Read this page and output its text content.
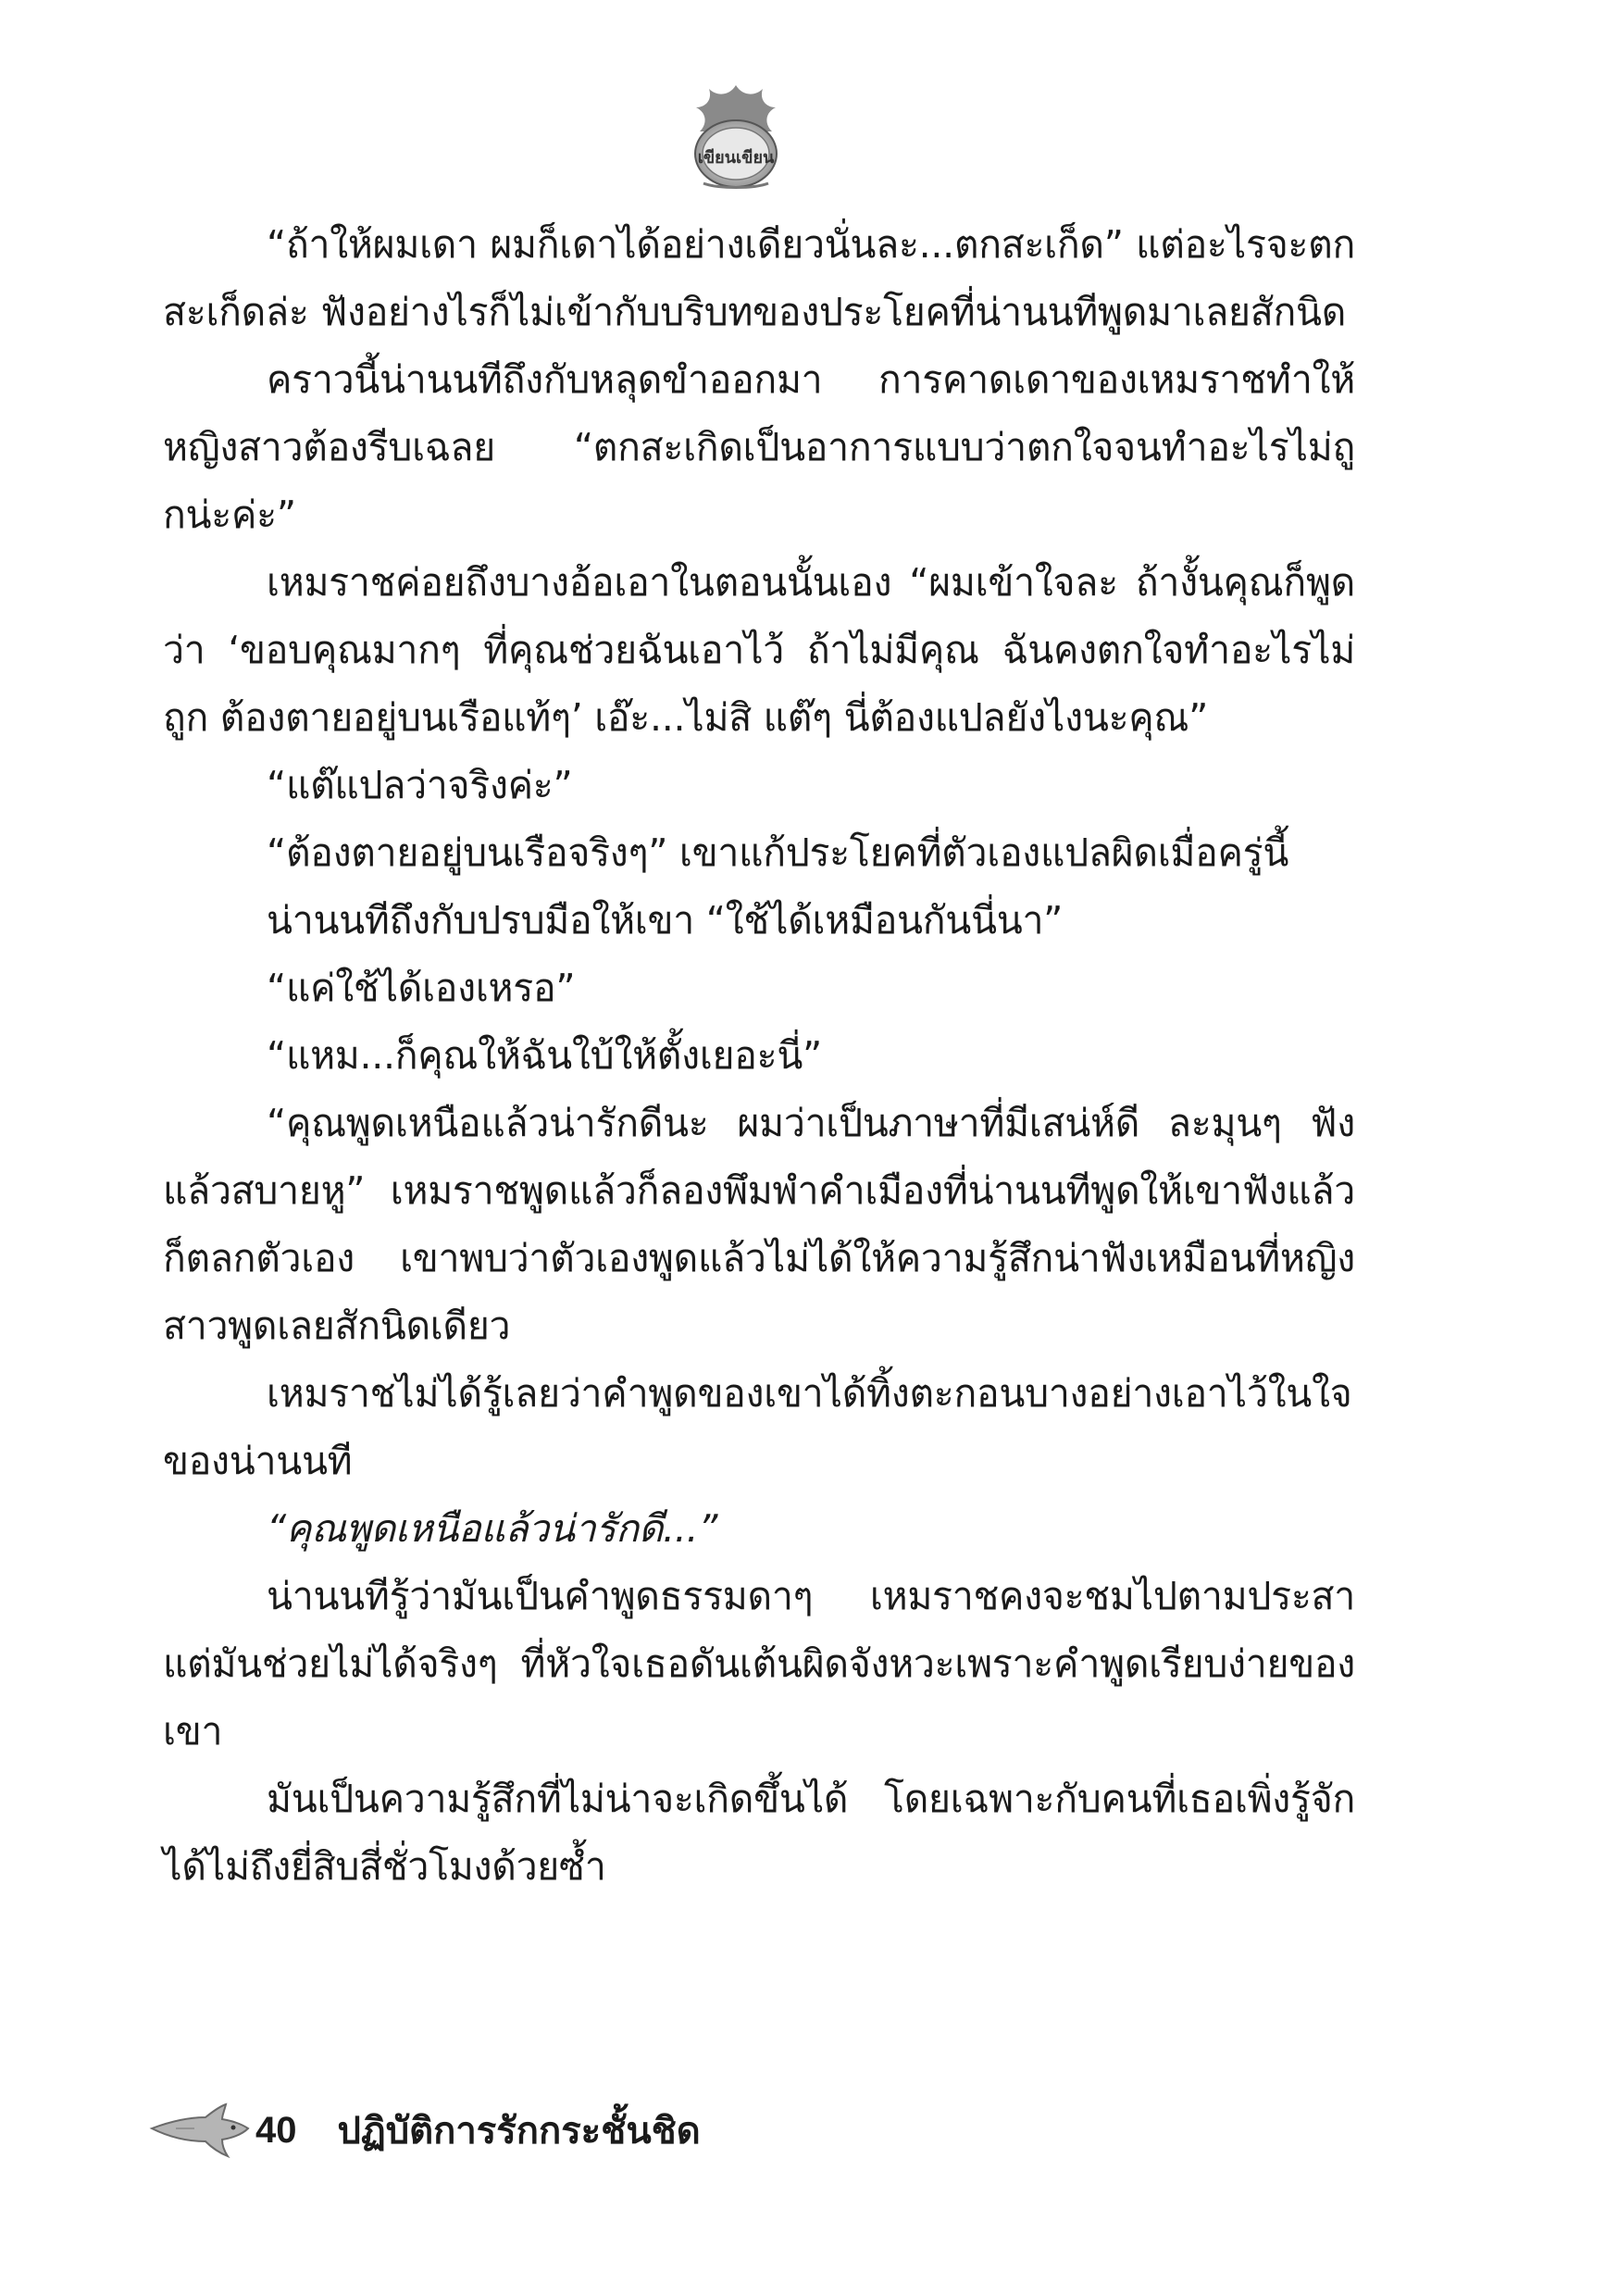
เขียนเขียน

“ถ้าให้ผมเดา ผมก็เดาได้อย่างเดียวนั่นละ...ตกสะเก็ด” แต่อะไรจะตกสะเก็ดล่ะ ฟังอย่างไรก็ไม่เข้ากับบริบทของประโยคที่น่านนทีพูดมาเลยสักนิด

คราวนี้น่านนทีถึงกับหลุดขำออกมา การคาดเดาของเหมราชทำให้หญิงสาวต้องรีบเฉลย “ตกสะเกิดเป็นอาการแบบว่าตกใจจนทำอะไรไม่ถูกน่ะค่ะ”

เหมราชค่อยถึงบางอ้อเอาในตอนนั้นเอง “ผมเข้าใจละ ถ้างั้นคุณก็พูดว่า ‘ขอบคุณมากๆ ที่คุณช่วยฉันเอาไว้ ถ้าไม่มีคุณ ฉันคงตกใจทำอะไรไม่ถูก ต้องตายอยู่บนเรือแท้ๆ’ เอ๊ะ...ไม่สิ แต๊ๆ นี่ต้องแปลยังไงนะคุณ”

“แต๊แปลว่าจริงค่ะ”

“ต้องตายอยู่บนเรือจริงๆ” เขาแก้ประโยคที่ตัวเองแปลผิดเมื่อครู่นี้

น่านนทีถึงกับปรบมือให้เขา “ใช้ได้เหมือนกันนี่นา”

“แค่ใช้ได้เองเหรอ”

“แหม...ก็คุณให้ฉันใบ้ให้ตั้งเยอะนี่”

“คุณพูดเหนือแล้วน่ารักดีนะ ผมว่าเป็นภาษาที่มีเสน่ห์ดี ละมุนๆ ฟังแล้วสบายหู” เหมราชพูดแล้วก็ลองพึมพำคำเมืองที่น่านนทีพูดให้เขาฟังแล้วก็ตลกตัวเอง เขาพบว่าตัวเองพูดแล้วไม่ได้ให้ความรู้สึกน่าฟังเหมือนที่หญิงสาวพูดเลยสักนิดเดียว

เหมราชไม่ได้รู้เลยว่าคำพูดของเขาได้ทิ้งตะกอนบางอย่างเอาไว้ในใจของน่านนที

“คุณพูดเหนือแล้วน่ารักดี...”

น่านนทีรู้ว่ามันเป็นคำพูดธรรมดาๆ เหมราชคงจะชมไปตามประสาแต่มันช่วยไม่ได้จริงๆ ที่หัวใจเธอดันเต้นผิดจังหวะเพราะคำพูดเรียบง่ายของเขา

มันเป็นความรู้สึกที่ไม่น่าจะเกิดขึ้นได้ โดยเฉพาะกับคนที่เธอเพิ่งรู้จักได้ไม่ถึงยี่สิบสี่ชั่วโมงด้วยซ้ำ

40 ปฏิบัติการรักกระชั้นชิด
